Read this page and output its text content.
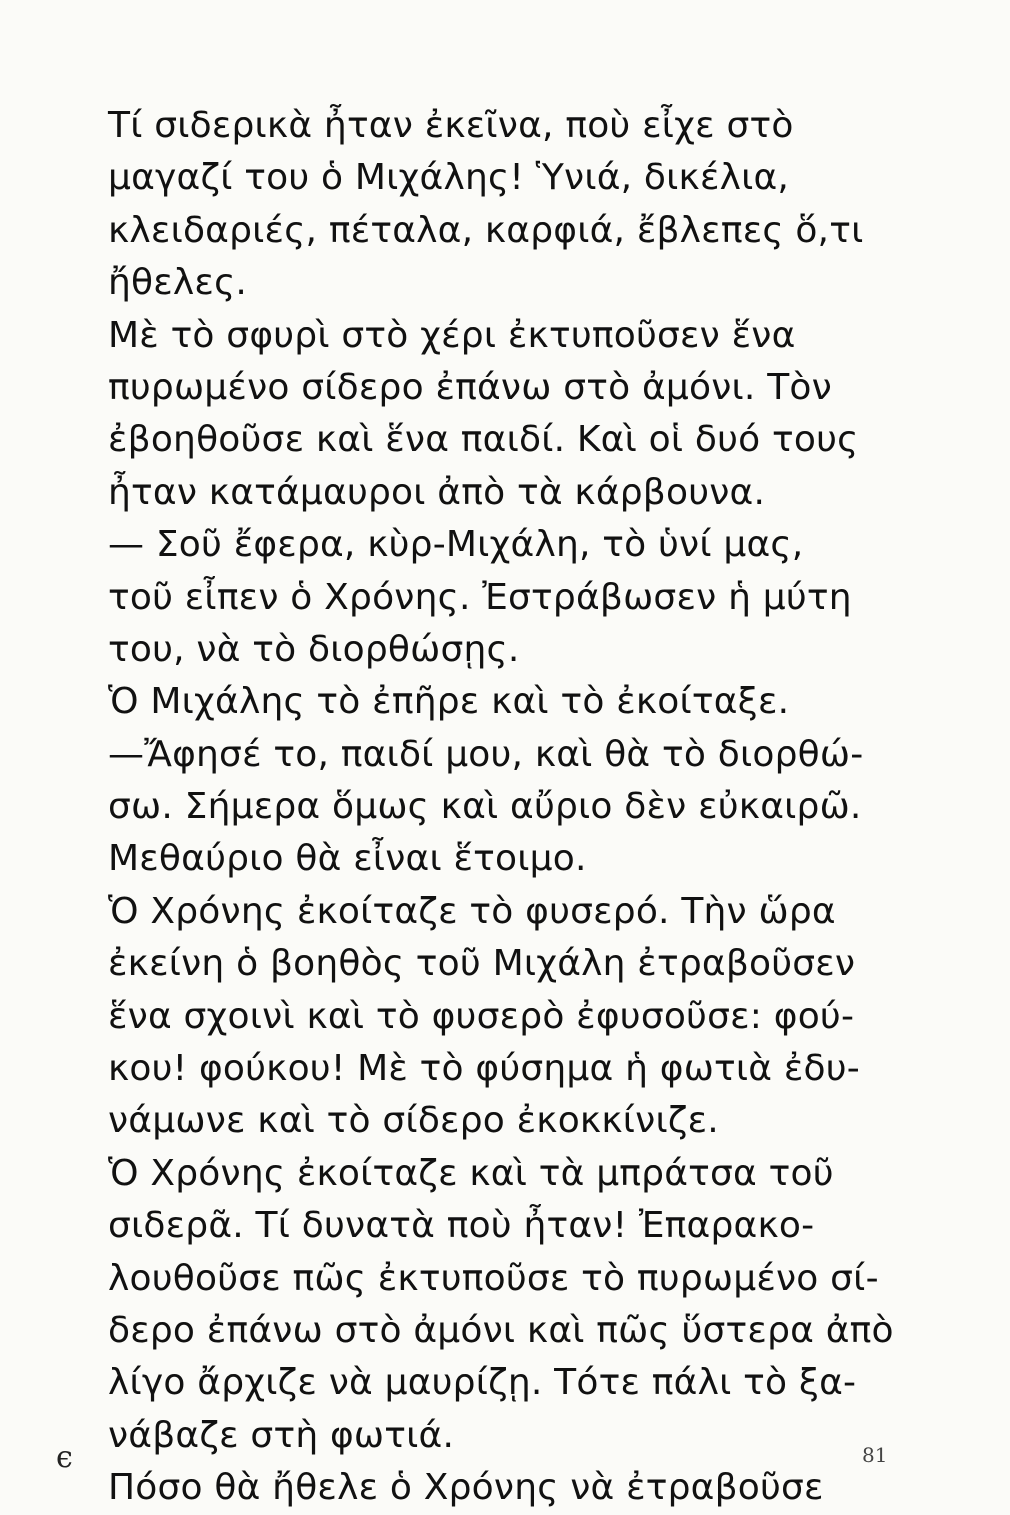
Τί σιδερικὰ ἦταν ἐκεῖνα, ποὺ εἶχε στὸ
μαγαζί του ὁ Μιχάλης! Ὑνιά, δικέλια,
κλειδαριές, πέταλα, καρφιά, ἔβλεπες ὅ,τι
ἤθελες.
Μὲ τὸ σφυρὶ στὸ χέρι ἐκτυποῦσεν ἕνα
πυρωμένο σίδερο ἐπάνω στὸ ἀμόνι. Τὸν
ἐβοηθοῦσε καὶ ἕνα παιδί. Καὶ οἱ δυό τους
ἦταν κατάμαυροι ἀπὸ τὰ κάρβουνα.
— Σοῦ ἔφερα, κὺρ-Μιχάλη, τὸ ὑνί μας,
τοῦ εἶπεν ὁ Χρόνης. Ἐστράβωσεν ἡ μύτη
του, νὰ τὸ διορθώσῃς.
Ὁ Μιχάλης τὸ ἐπῆρε καὶ τὸ ἐκοίταξε.
—Ἄφησέ το, παιδί μου, καὶ θὰ τὸ διορθώ-
σω. Σήμερα ὅμως καὶ αὔριο δὲν εὐκαιρῶ.
Μεθαύριο θὰ εἶναι ἕτοιμο.
Ὁ Χρόνης ἐκοίταζε τὸ φυσερό. Τὴν ὥρα
ἐκείνη ὁ βοηθὸς τοῦ Μιχάλη ἐτραβοῦσεν
ἕνα σχοινὶ καὶ τὸ φυσερὸ ἐφυσοῦσε: φού-
κου! φούκου! Μὲ τὸ φύσημα ἡ φωτιὰ ἐδυ-
νάμωνε καὶ τὸ σίδερο ἐκοκκίνιζε.
Ὁ Χρόνης ἐκοίταζε καὶ τὰ μπράτσα τοῦ
σιδερᾶ. Τί δυνατὰ ποὺ ἦταν! Ἐπαρακο-
λουθοῦσε πῶς ἐκτυποῦσε τὸ πυρωμένο σί-
δερο ἐπάνω στὸ ἀμόνι καὶ πῶς ὕστερα ἀπὸ
λίγο ἄρχιζε νὰ μαυρίζῃ. Τότε πάλι τὸ ξα-
νάβαζε στὴ φωτιά.
Πόσο θὰ ἤθελε ὁ Χρόνης νὰ ἐτραβοῦσε
ϵ	81
